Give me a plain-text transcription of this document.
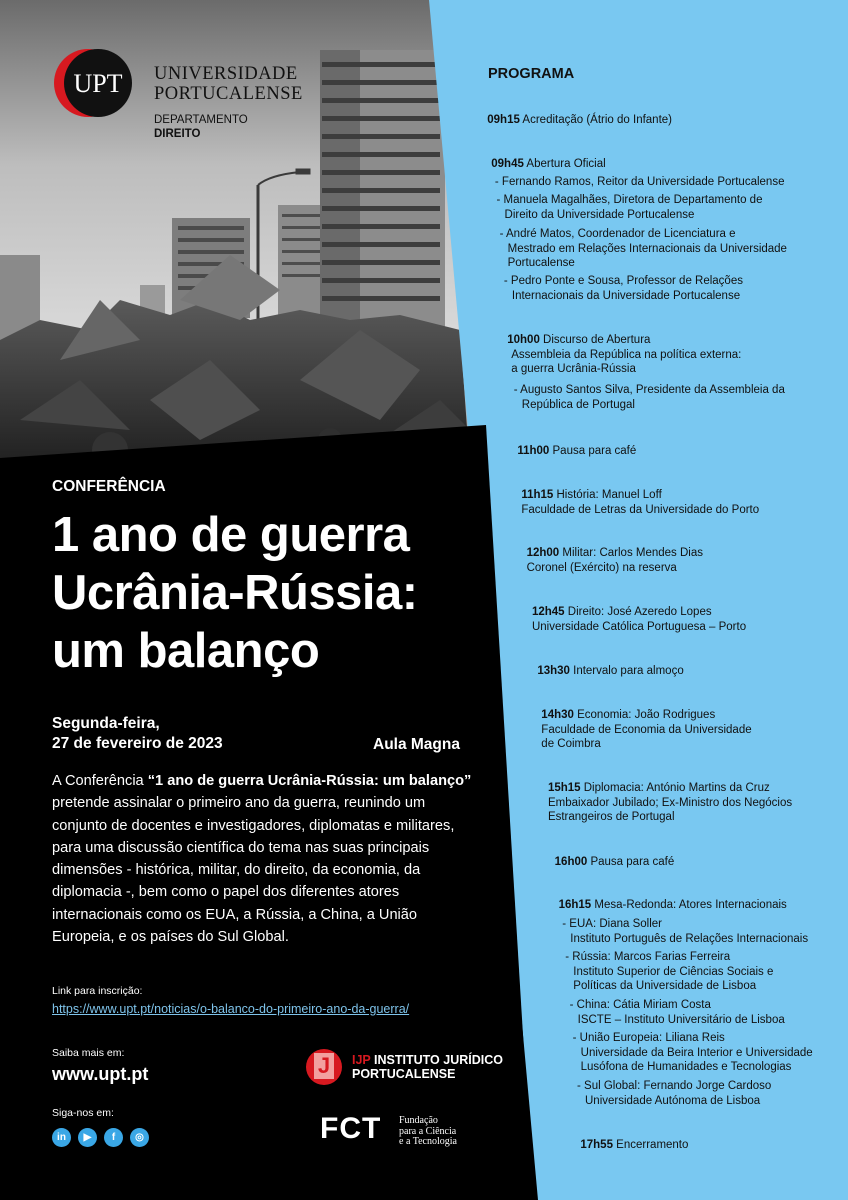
UPT UNIVERSIDADE
PORTUCALENSE
DEPARTAMENTO
DIREITO
CONFERÊNCIA
1 ano de guerra
Ucrânia-Rússia:
um balanço
Segunda-feira,
27 de fevereiro de 2023	Aula Magna
A Conferência “1 ano de guerra Ucrânia-Rússia: um balanço”
pretende assinalar o primeiro ano da guerra, reunindo um
conjunto de docentes e investigadores, diplomatas e militares,
para uma discussão científica do tema nas suas principais
dimensões - histórica, militar, do direito, da economia, da
diplomacia -, bem como o papel dos diferentes atores
internacionais como os EUA, a Rússia, a China, a União
Europeia, e os países do Sul Global.
Link para inscrição:
https://www.upt.pt/noticias/o-balanco-do-primeiro-ano-da-guerra/
Saiba mais em:
www.upt.pt
Siga-nos em:
in	▶	f	◎
J	IJP INSTITUTO JURÍDICO
PORTUCALENSE
FCT Fundação
para a Ciência
e a Tecnologia
PROGRAMA
09h15 Acreditação (Átrio do Infante)
09h45 Abertura Oficial
- Fernando Ramos, Reitor da Universidade Portucalense
- Manuela Magalhães, Diretora de Departamento de
Direito da Universidade Portucalense
- André Matos, Coordenador de Licenciatura e
Mestrado em Relações Internacionais da Universidade
Portucalense
- Pedro Ponte e Sousa, Professor de Relações
Internacionais da Universidade Portucalense
10h00 Discurso de Abertura
Assembleia da República na política externa:
a guerra Ucrânia-Rússia
- Augusto Santos Silva, Presidente da Assembleia da
República de Portugal
11h00 Pausa para café
11h15 História: Manuel Loff
Faculdade de Letras da Universidade do Porto
12h00 Militar: Carlos Mendes Dias
Coronel (Exército) na reserva
12h45 Direito: José Azeredo Lopes
Universidade Católica Portuguesa – Porto
13h30 Intervalo para almoço
14h30 Economia: João Rodrigues
Faculdade de Economia da Universidade
de Coimbra
15h15 Diplomacia: António Martins da Cruz
Embaixador Jubilado; Ex-Ministro dos Negócios
Estrangeiros de Portugal
16h00 Pausa para café
16h15 Mesa-Redonda: Atores Internacionais
- EUA: Diana Soller
Instituto Português de Relações Internacionais
- Rússia: Marcos Farias Ferreira
Instituto Superior de Ciências Sociais e
Políticas da Universidade de Lisboa
- China: Cátia Miriam Costa
ISCTE – Instituto Universitário de Lisboa
- União Europeia: Liliana Reis
Universidade da Beira Interior e Universidade
Lusófona de Humanidades e Tecnologias
- Sul Global: Fernando Jorge Cardoso
Universidade Autónoma de Lisboa
17h55 Encerramento
